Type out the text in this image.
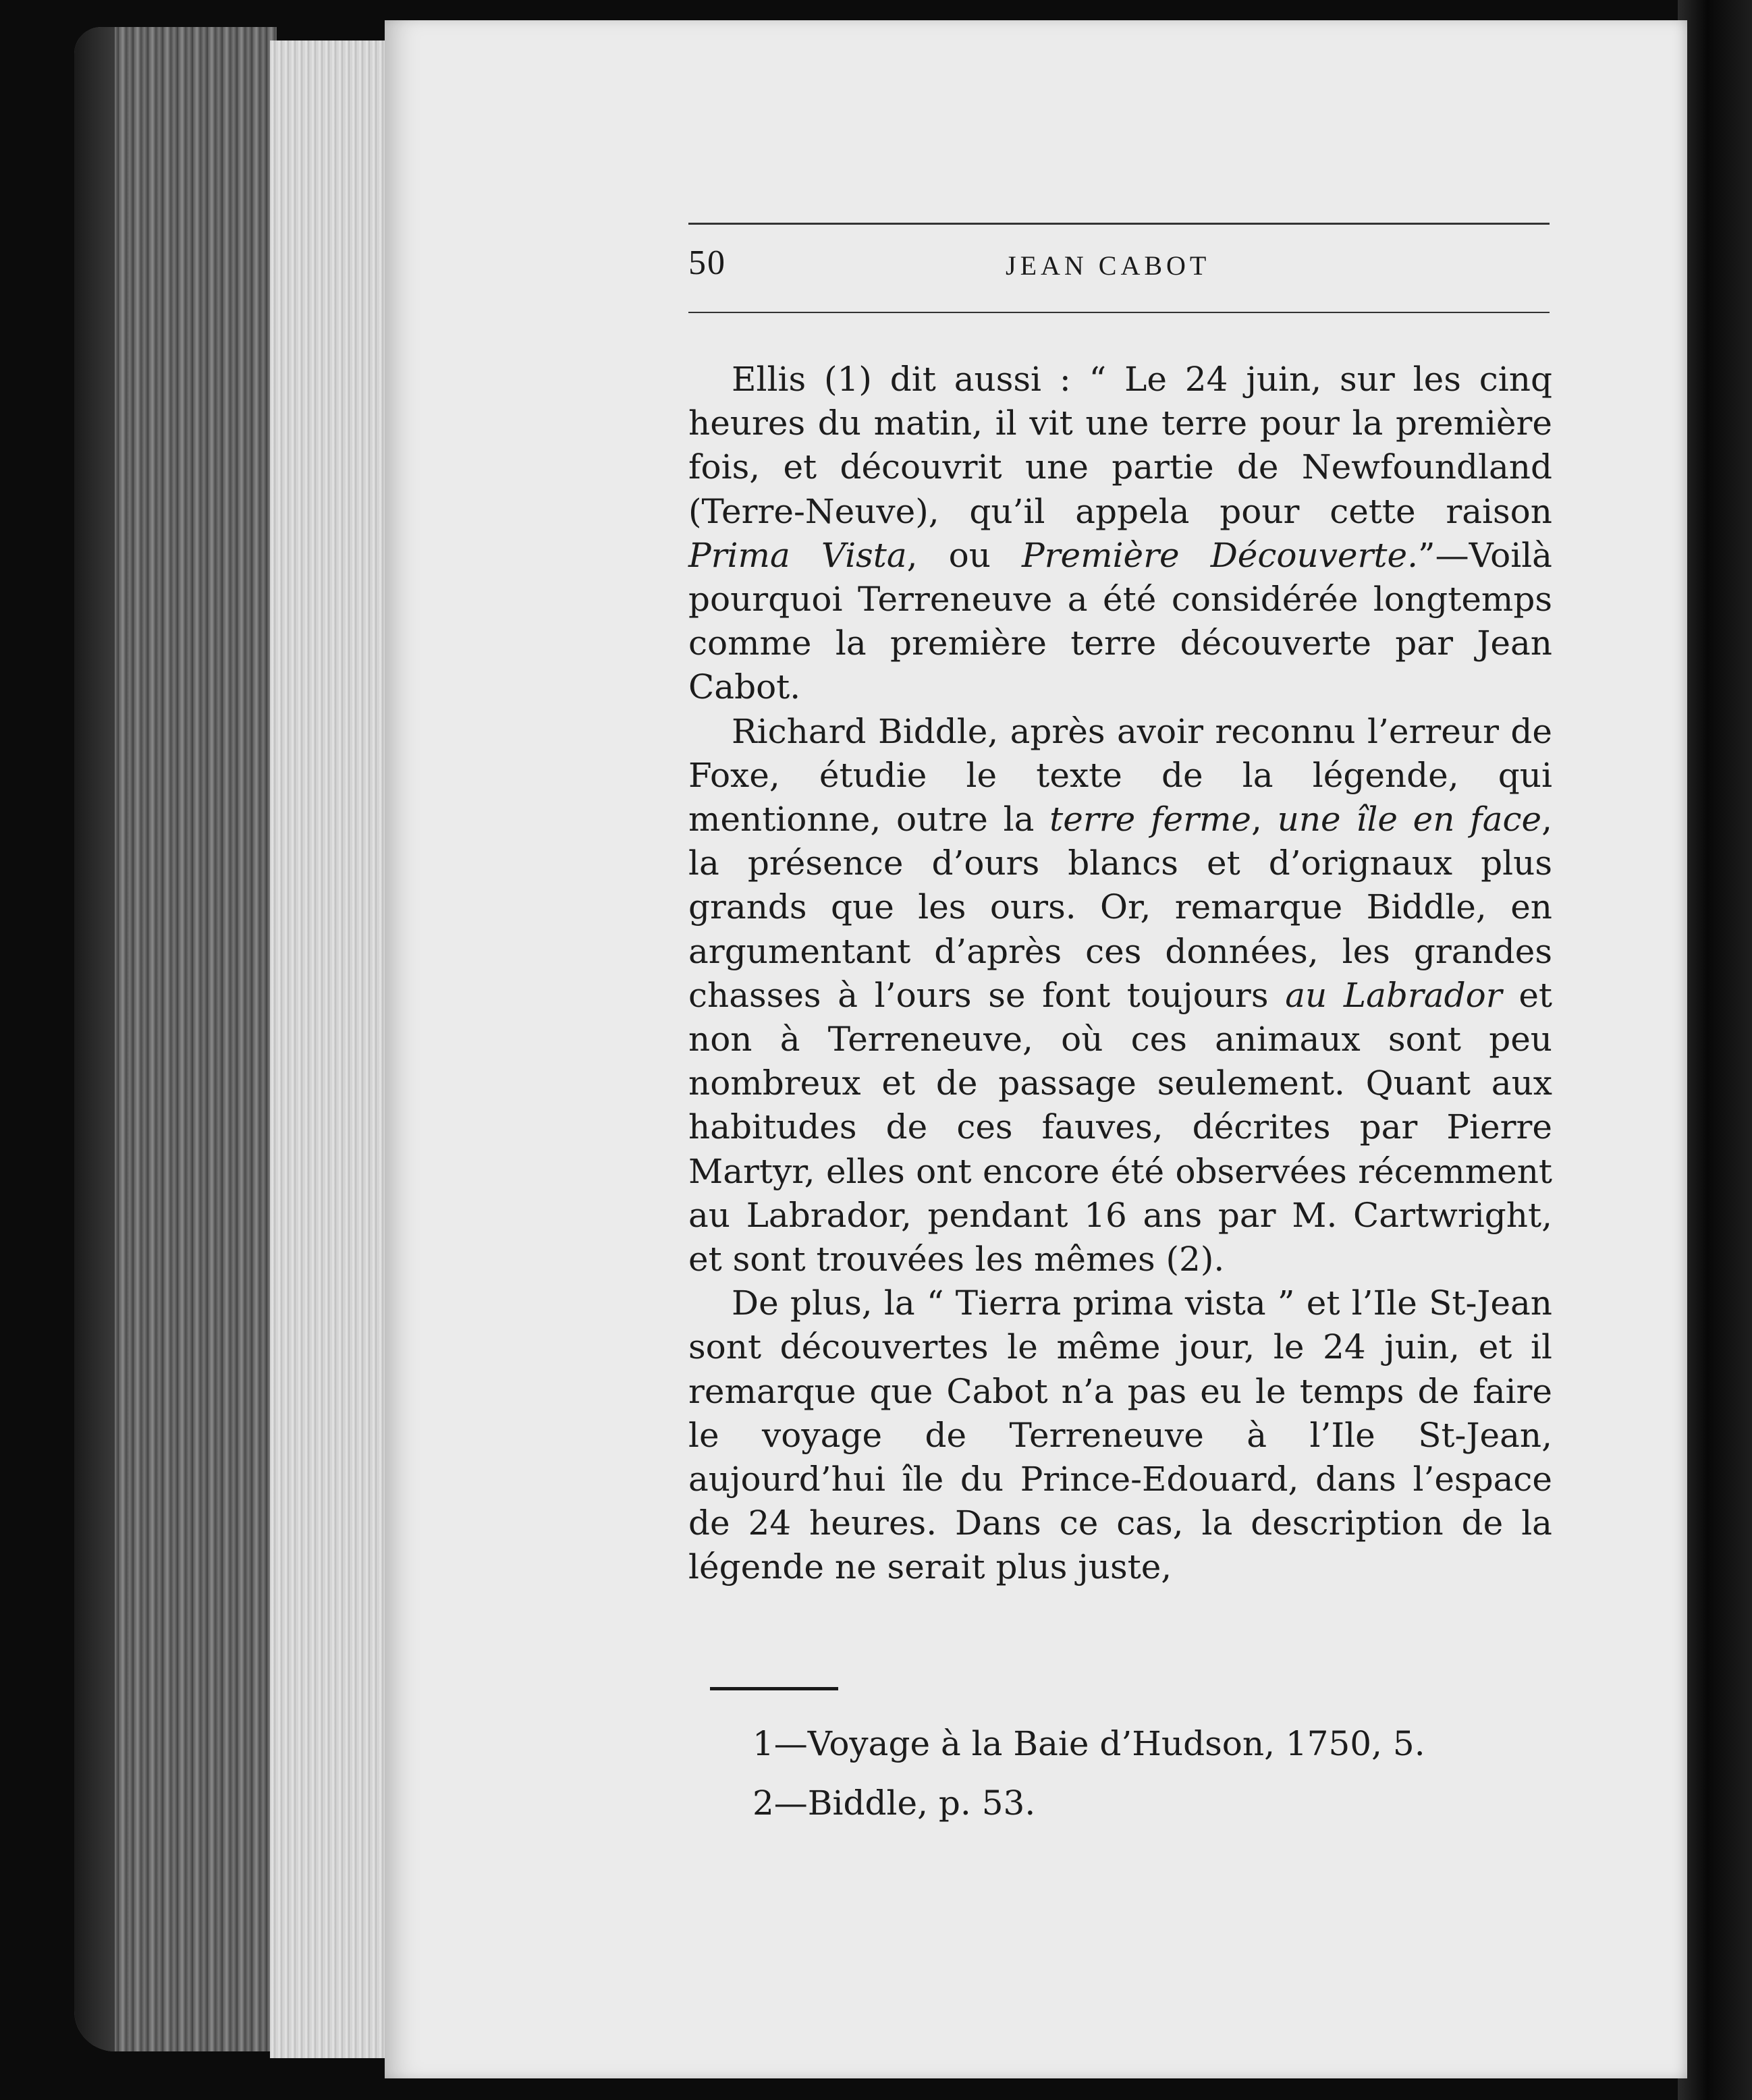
50	JEAN CABOT

Ellis (1) dit aussi : “ Le 24 juin, sur les cinq heures du matin, il vit une terre pour la première fois, et découvrit une partie de Newfoundland (Terre-Neuve), qu’il appela pour cette raison Prima Vista, ou Première Découverte.”—Voilà pourquoi Terreneuve a été considérée longtemps comme la première terre découverte par Jean Cabot.

Richard Biddle, après avoir reconnu l’erreur de Foxe, étudie le texte de la légende, qui mentionne, outre la terre ferme, une île en face, la présence d’ours blancs et d’orignaux plus grands que les ours. Or, remarque Biddle, en argumentant d’après ces données, les grandes chasses à l’ours se font toujours au Labrador et non à Terreneuve, où ces animaux sont peu nombreux et de passage seulement. Quant aux habitudes de ces fauves, décrites par Pierre Martyr, elles ont encore été observées récemment au Labrador, pendant 16 ans par M. Cartwright, et sont trouvées les mêmes (2).

De plus, la “ Tierra prima vista ” et l’Ile St-Jean sont découvertes le même jour, le 24 juin, et il remarque que Cabot n’a pas eu le temps de faire le voyage de Terreneuve à l’Ile St-Jean, aujourd’hui île du Prince-Edouard, dans l’espace de 24 heures. Dans ce cas, la description de la légende ne serait plus juste,

1—Voyage à la Baie d’Hudson, 1750, 5.
2—Biddle, p. 53.
